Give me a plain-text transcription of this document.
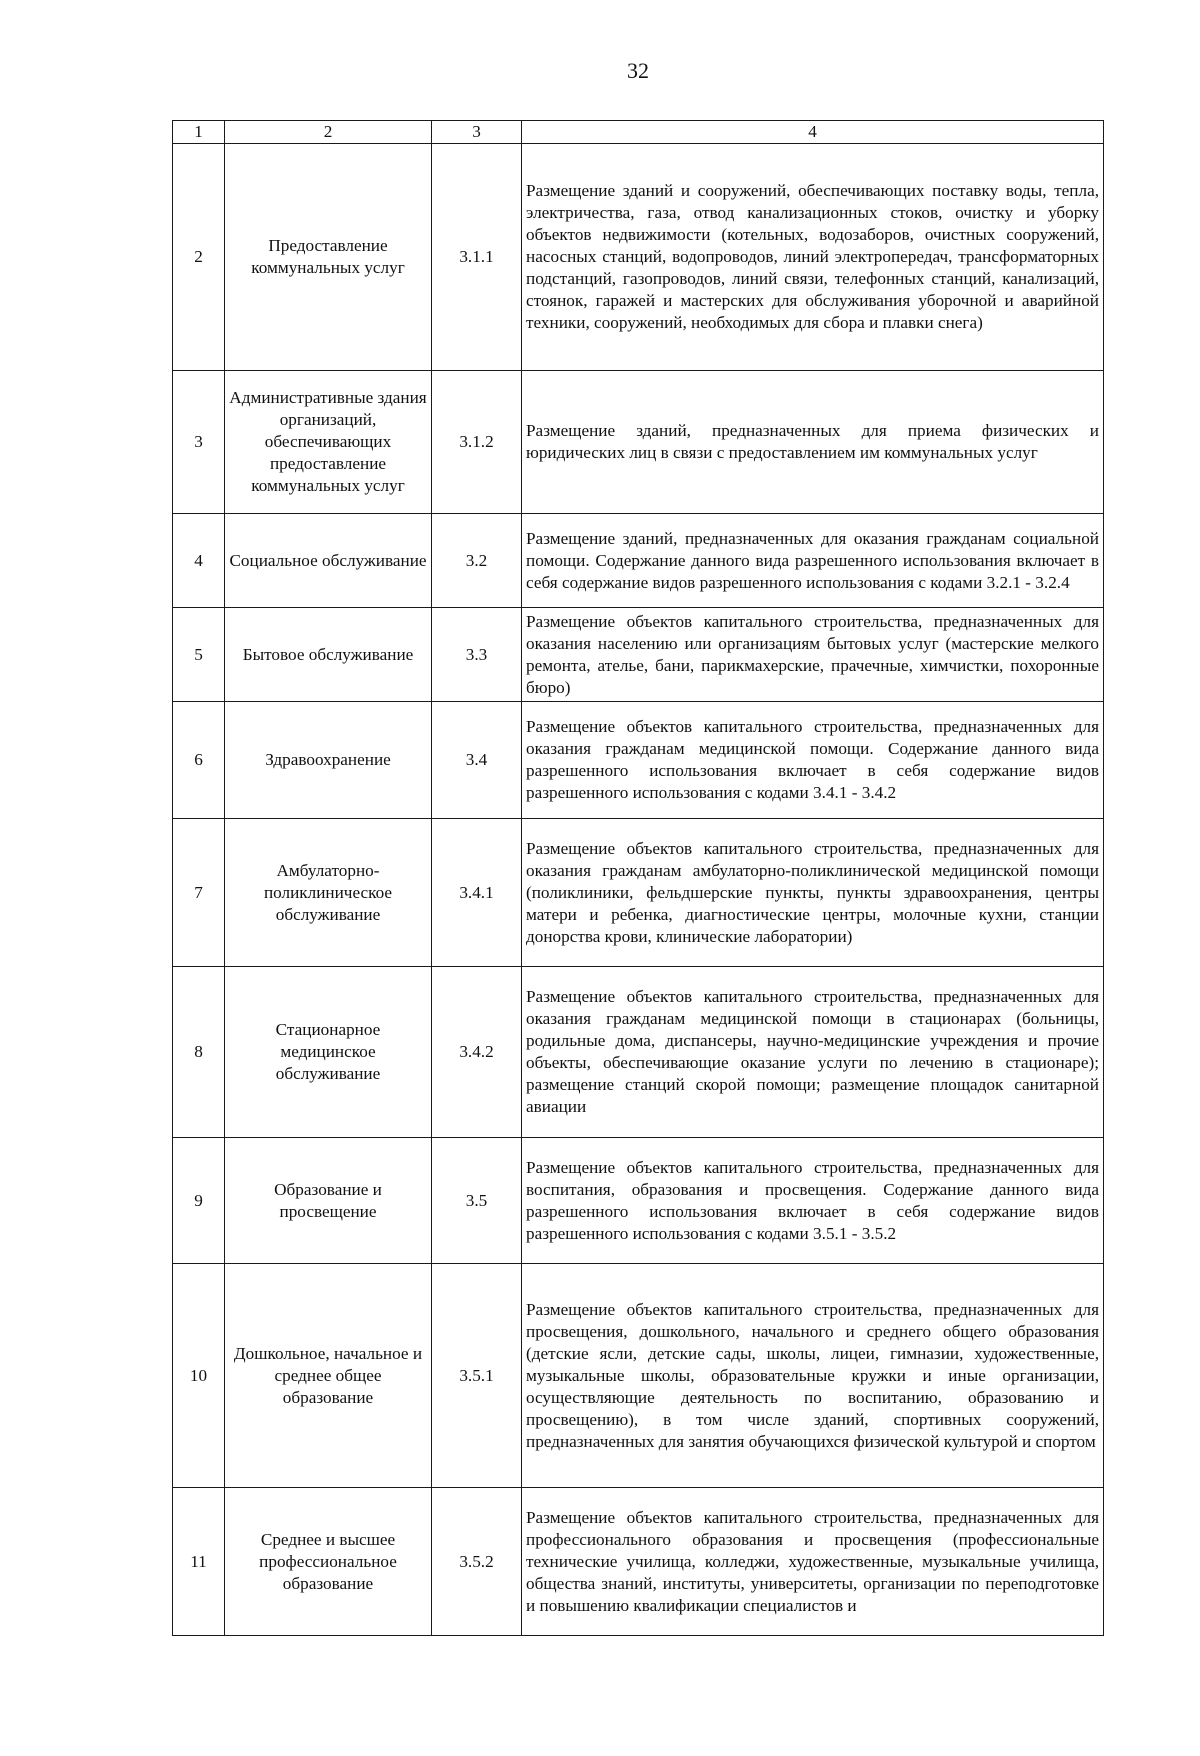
32
1	2	3	4
2	Предоставление коммунальных услуг	3.1.1	Размещение зданий и сооружений, обеспечивающих поставку воды, тепла, электричества, газа, отвод канализационных стоков, очистку и уборку объектов недвижимости (котельных, водозаборов, очистных сооружений, насосных станций, водопроводов, линий электропередач, трансформаторных подстанций, газопроводов, линий связи, телефонных станций, канализаций, стоянок, гаражей и мастерских для обслуживания уборочной и аварийной техники, сооружений, необходимых для сбора и плавки снега)
3	Административные здания организаций, обеспечивающих предоставление коммунальных услуг	3.1.2	Размещение зданий, предназначенных для приема физических и юридических лиц в связи с предоставлением им коммунальных услуг
4	Социальное обслуживание	3.2	Размещение зданий, предназначенных для оказания гражданам социальной помощи. Содержание данного вида разрешенного использования включает в себя содержание видов разрешенного использования с кодами 3.2.1 - 3.2.4
5	Бытовое обслуживание	3.3	Размещение объектов капитального строительства, предназначенных для оказания населению или организациям бытовых услуг (мастерские мелкого ремонта, ателье, бани, парикмахерские, прачечные, химчистки, похоронные бюро)
6	Здравоохранение	3.4	Размещение объектов капитального строительства, предназначенных для оказания гражданам медицинской помощи. Содержание данного вида разрешенного использования включает в себя содержание видов разрешенного использования с кодами 3.4.1 - 3.4.2
7	Амбулаторно-поликлиническое обслуживание	3.4.1	Размещение объектов капитального строительства, предназначенных для оказания гражданам амбулаторно-поликлинической медицинской помощи (поликлиники, фельдшерские пункты, пункты здравоохранения, центры матери и ребенка, диагностические центры, молочные кухни, станции донорства крови, клинические лаборатории)
8	Стационарное медицинское обслуживание	3.4.2	Размещение объектов капитального строительства, предназначенных для оказания гражданам медицинской помощи в стационарах (больницы, родильные дома, диспансеры, научно-медицинские учреждения и прочие объекты, обеспечивающие оказание услуги по лечению в стационаре); размещение станций скорой помощи; размещение площадок санитарной авиации
9	Образование и просвещение	3.5	Размещение объектов капитального строительства, предназначенных для воспитания, образования и просвещения. Содержание данного вида разрешенного использования включает в себя содержание видов разрешенного использования с кодами 3.5.1 - 3.5.2
10	Дошкольное, начальное и среднее общее образование	3.5.1	Размещение объектов капитального строительства, предназначенных для просвещения, дошкольного, начального и среднего общего образования (детские ясли, детские сады, школы, лицеи, гимназии, художественные, музыкальные школы, образовательные кружки и иные организации, осуществляющие деятельность по воспитанию, образованию и просвещению), в том числе зданий, спортивных сооружений, предназначенных для занятия обучающихся физической культурой и спортом
11	Среднее и высшее профессиональное образование	3.5.2	Размещение объектов капитального строительства, предназначенных для профессионального образования и просвещения (профессиональные технические училища, колледжи, художественные, музыкальные училища, общества знаний, институты, университеты, организации по переподготовке и повышению квалификации специалистов и
